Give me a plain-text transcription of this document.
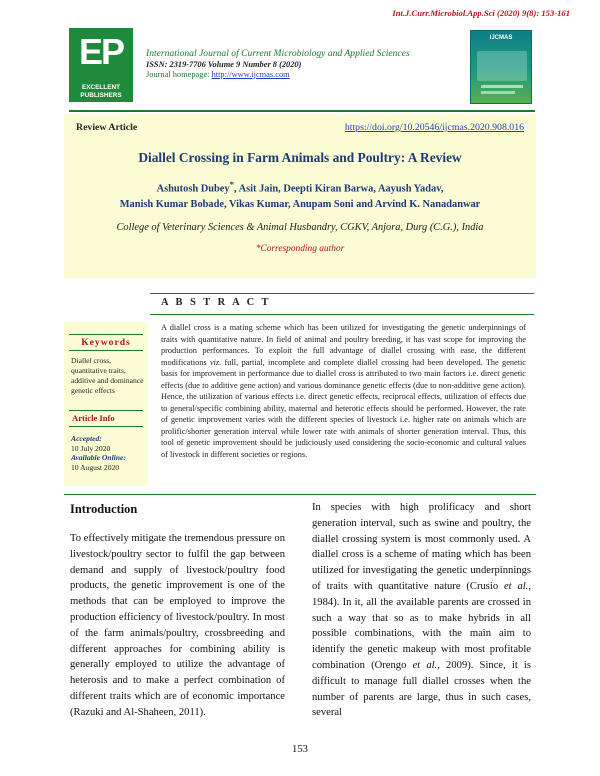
Int.J.Curr.Microbiol.App.Sci (2020) 9(8): 153-161
EP
EXCELLENT
PUBLISHERS
International Journal of Current Microbiology and Applied Sciences
ISSN: 2319-7706 Volume 9 Number 8 (2020)
Journal homepage: http://www.ijcmas.com
IJCMAS
Review Article	https://doi.org/10.20546/ijcmas.2020.908.016
Diallel Crossing in Farm Animals and Poultry: A Review
Ashutosh Dubey*, Asit Jain, Deepti Kiran Barwa, Aayush Yadav,
Manish Kumar Bobade, Vikas Kumar, Anupam Soni and Arvind K. Nanadanwar
College of Veterinary Sciences & Animal Husbandry, CGKV, Anjora, Durg (C.G.), India
*Corresponding author
A B S T R A C T
Keywords
Diallel cross, quantitative traits, additive and dominance genetic effects
Article Info
Accepted:
10 July 2020
Available Online:
10 August 2020
A diallel cross is a mating scheme which has been utilized for investigating the genetic underpinnings of traits with quantitative nature. In field of animal and poultry breeding, it has vast scope for improving the production performances. To exploit the full advantage of diallel crossing with ease, the different modifications viz. full, partial, incomplete and complete diallel crossing had been developed. The genetic basis for improvement in performance due to diallel cross is attributed to two main factors i.e. direct genetic effects (due to additive gene action) and various dominance genetic effects (due to non-additive gene action). Hence, the utilization of various effects i.e. direct genetic effects, reciprocal effects, utilization of effects due to general/specific combining ability, maternal and heterotic effects should be performed. However, the rate of genetic improvement varies with the different species of livestock i.e. higher rate on animals which are prolific/shorter generation interval while lower rate with animals of shorter generation interval. Thus, this tool of genetic improvement should be judiciously used considering the socio-economic and cultural values of livestock in different societies or regions.
Introduction
To effectively mitigate the tremendous pressure on livestock/poultry sector to fulfil the gap between demand and supply of livestock/poultry food products, the genetic improvement is one of the methods that can be employed to improve the production efficiency of livestock/poultry. In most of the farm animals/poultry, crossbreeding and different approaches for combining ability is generally employed to utilize the advantage of heterosis and to make a perfect combination of different traits which are of economic importance (Razuki and Al-Shaheen, 2011).
In species with high prolificacy and short generation interval, such as swine and poultry, the diallel crossing system is most commonly used. A diallel cross is a scheme of mating which has been utilized for investigating the genetic underpinnings of traits with quantitative nature (Crusio et al., 1984). In it, all the available parents are crossed in such a way that so as to make hybrids in all possible combinations, with the main aim to identify the genetic makeup with most profitable combination (Orengo et al., 2009). Since, it is difficult to manage full diallel crosses when the number of parents are large, thus in such cases, several
153
